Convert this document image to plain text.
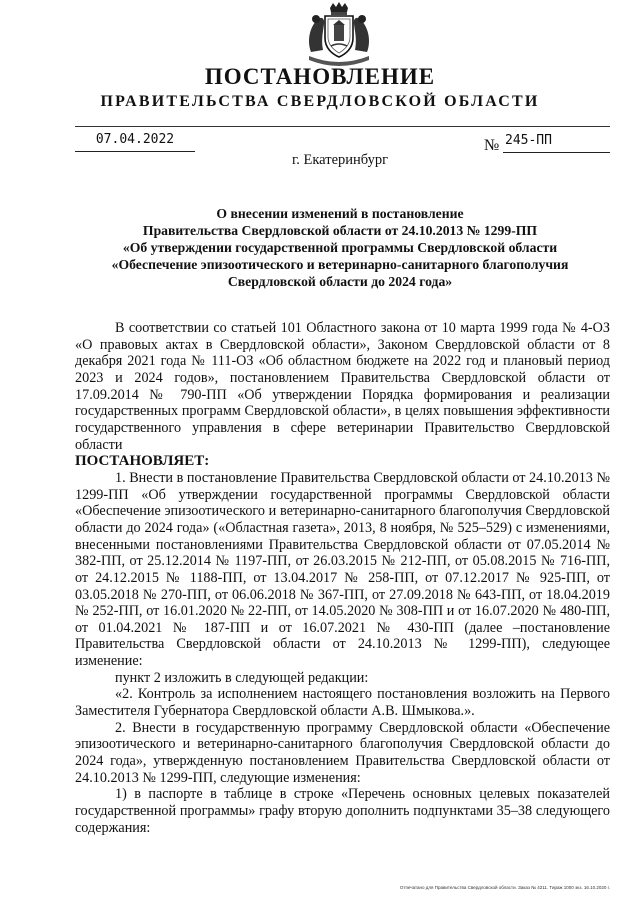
ПОСТАНОВЛЕНИЕ
ПРАВИТЕЛЬСТВА СВЕРДЛОВСКОЙ ОБЛАСТИ
07.04.2022	№ 245-ПП
г. Екатеринбург
О внесении изменений в постановление
Правительства Свердловской области от 24.10.2013 № 1299-ПП
«Об утверждении государственной программы Свердловской области
«Обеспечение эпизоотического и ветеринарно-санитарного благополучия
Свердловской области до 2024 года»

В соответствии со статьей 101 Областного закона от 10 марта 1999 года № 4-ОЗ «О правовых актах в Свердловской области», Законом Свердловской области от 8 декабря 2021 года № 111-ОЗ «Об областном бюджете на 2022 год и плановый период 2023 и 2024 годов», постановлением Правительства Свердловской области от 17.09.2014 № 790-ПП «Об утверждении Порядка формирования и реализации государственных программ Свердловской области», в целях повышения эффективности государственного управления в сфере ветеринарии Правительство Свердловской области

ПОСТАНОВЛЯЕТ:

1. Внести в постановление Правительства Свердловской области от 24.10.2013 № 1299-ПП «Об утверждении государственной программы Свердловской области «Обеспечение эпизоотического и ветеринарно-санитарного благополучия Свердловской области до 2024 года» («Областная газета», 2013, 8 ноября, № 525–529) с изменениями, внесенными постановлениями Правительства Свердловской области от 07.05.2014 № 382-ПП, от 25.12.2014 № 1197-ПП, от 26.03.2015 № 212-ПП, от 05.08.2015 № 716-ПП, от 24.12.2015 № 1188-ПП, от 13.04.2017 № 258-ПП, от 07.12.2017 № 925-ПП, от 03.05.2018 № 270-ПП, от 06.06.2018 № 367-ПП, от 27.09.2018 № 643-ПП, от 18.04.2019 № 252-ПП, от 16.01.2020 № 22-ПП, от 14.05.2020 № 308-ПП и от 16.07.2020 № 480-ПП, от 01.04.2021 № 187-ПП и от 16.07.2021 № 430-ПП (далее –постановление Правительства Свердловской области от 24.10.2013 № 1299-ПП), следующее изменение:

пункт 2 изложить в следующей редакции:

«2. Контроль за исполнением настоящего постановления возложить на Первого Заместителя Губернатора Свердловской области А.В. Шмыкова.».

2. Внести в государственную программу Свердловской области «Обеспечение эпизоотического и ветеринарно-санитарного благополучия Свердловской области до 2024 года», утвержденную постановлением Правительства Свердловской области от 24.10.2013 № 1299-ПП, следующие изменения:

1) в паспорте в таблице в строке «Перечень основных целевых показателей государственной программы» графу вторую дополнить подпунктами 35–38 следующего содержания:

Отпечатано для Правительства Свердловской области. Заказ № 4211. Тираж 1000 экз. 16.10.2020 г.
